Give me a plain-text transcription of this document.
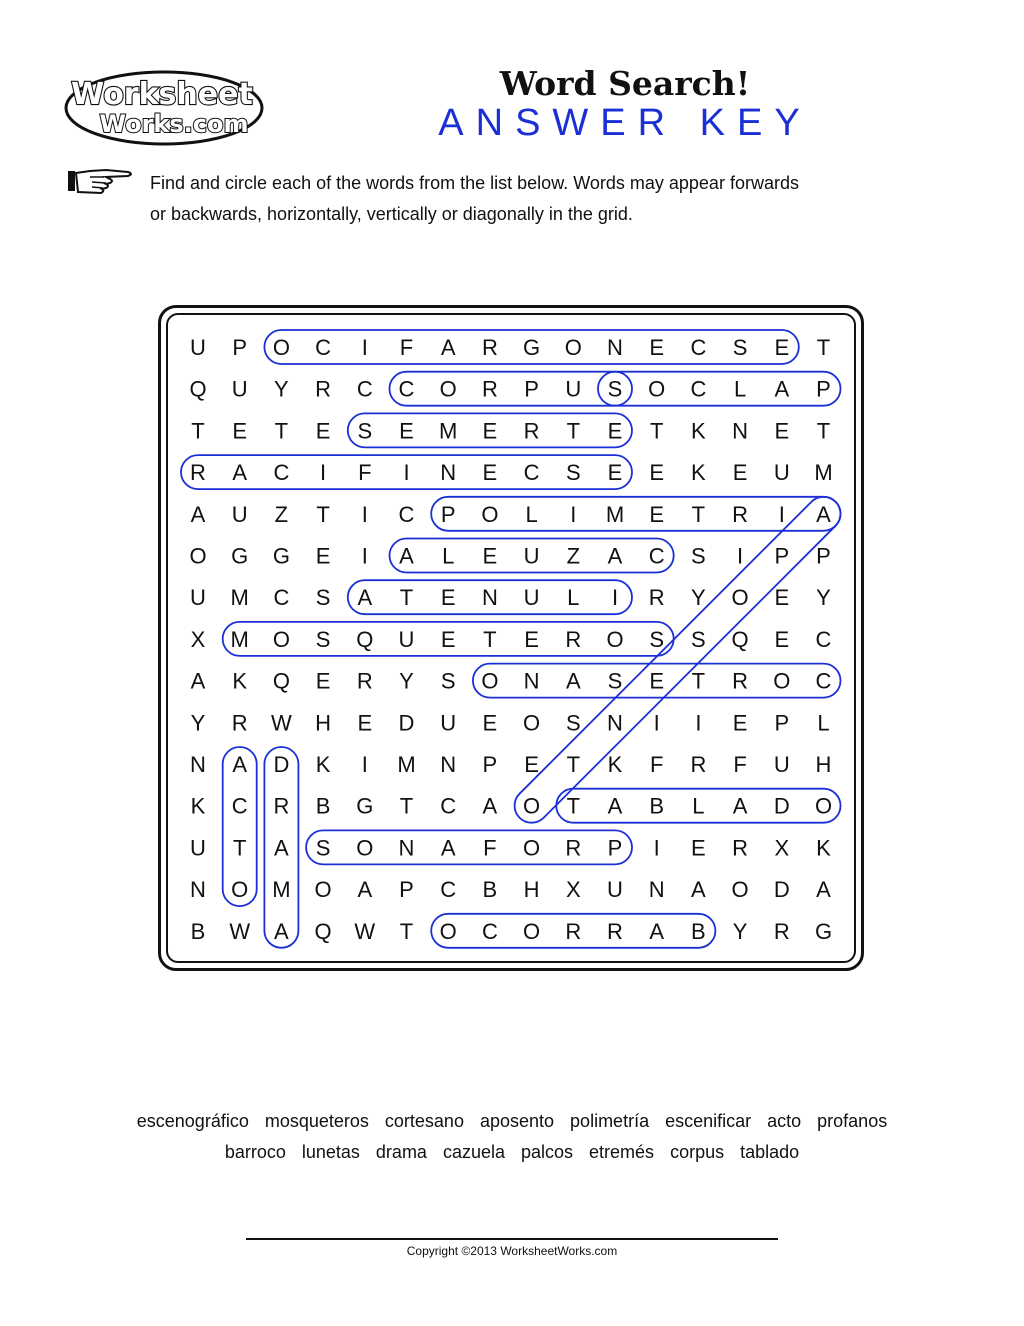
Worksheet
Works.com
Word Search!
ANSWER KEY
Find and circle each of the words from the list below. Words may appear forwards
or backwards, horizontally, vertically or diagonally in the grid.
U P O C I F A R G O N E C S E T
Q U Y R C C O R P U S O C L A P
T E T E S E M E R T E T K N E T
R A C I F I N E C S E E K E U M
A U Z T I C P O L I M E T R I A
O G G E I A L E U Z A C S I P P
U M C S A T E N U L I R Y O E Y
X M O S Q U E T E R O S S Q E C
A K Q E R Y S O N A S E T R O C
Y R W H E D U E O S N I I E P L
N A D K I M N P E T K F R F U H
K C R B G T C A O T A B L A D O
U T A S O N A F O R P I E R X K
N O M O A P C B H X U N A O D A
B W A Q W T O C O R R A B Y R G
escenográfico mosqueteros cortesano aposento polimetría escenificar acto profanos
barroco lunetas drama cazuela palcos etremés corpus tablado
Copyright ©2013 WorksheetWorks.com
